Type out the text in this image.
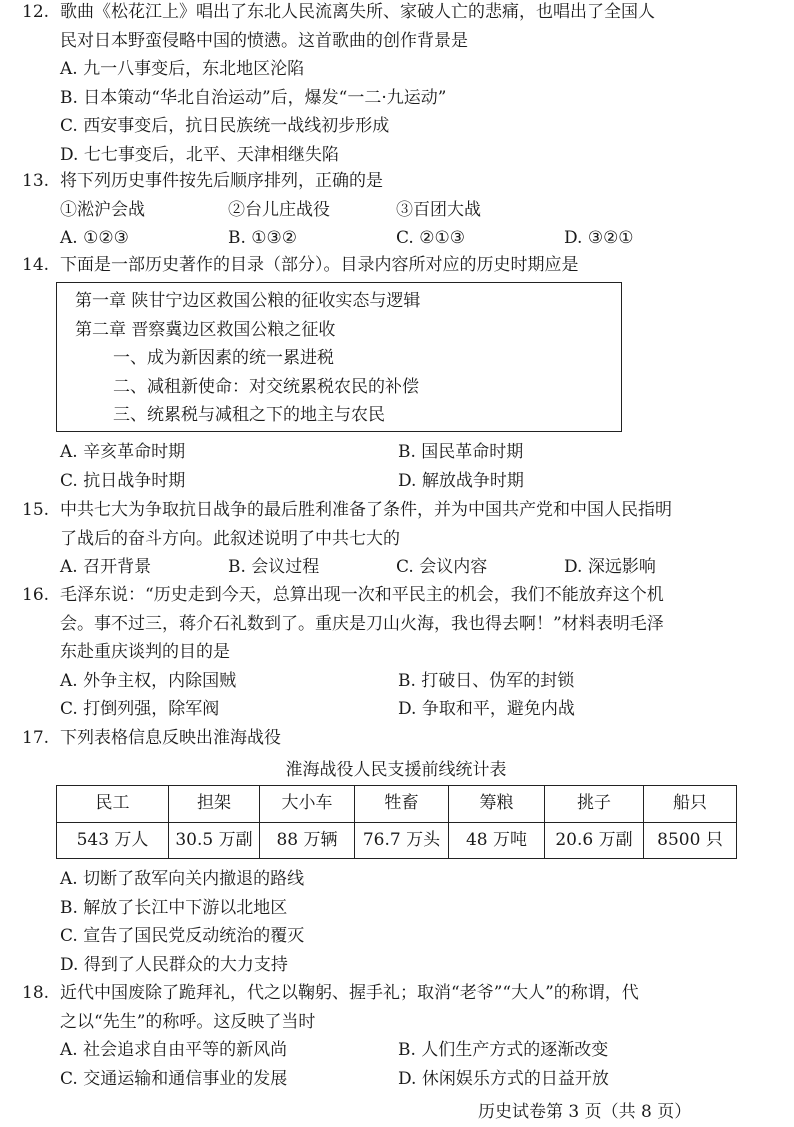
12. 歌曲《松花江上》唱出了东北人民流离失所、家破人亡的悲痛，也唱出了全国人
民对日本野蛮侵略中国的愤懑。这首歌曲的创作背景是
A. 九一八事变后，东北地区沦陷
B. 日本策动“华北自治运动”后，爆发“一二·九运动”
C. 西安事变后，抗日民族统一战线初步形成
D. 七七事变后，北平、天津相继失陷
13. 将下列历史事件按先后顺序排列，正确的是
①淞沪会战	②台儿庄战役	③百团大战
A. ①②③	B. ①③②	C. ②①③	D. ③②①
14. 下面是一部历史著作的目录（部分）。目录内容所对应的历史时期应是
第一章 陕甘宁边区救国公粮的征收实态与逻辑
第二章 晋察冀边区救国公粮之征收
一、成为新因素的统一累进税
二、减租新使命：对交统累税农民的补偿
三、统累税与减租之下的地主与农民
A. 辛亥革命时期	B. 国民革命时期
C. 抗日战争时期	D. 解放战争时期
15. 中共七大为争取抗日战争的最后胜利准备了条件，并为中国共产党和中国人民指明
了战后的奋斗方向。此叙述说明了中共七大的
A. 召开背景	B. 会议过程	C. 会议内容	D. 深远影响
16. 毛泽东说：“历史走到今天，总算出现一次和平民主的机会，我们不能放弃这个机
会。事不过三，蒋介石礼数到了。重庆是刀山火海，我也得去啊！”材料表明毛泽
东赴重庆谈判的目的是
A. 外争主权，内除国贼	B. 打破日、伪军的封锁
C. 打倒列强，除军阀	D. 争取和平，避免内战
17. 下列表格信息反映出淮海战役
淮海战役人民支援前线统计表
民工	担架	大小车	牲畜	筹粮	挑子	船只
543 万人	30.5 万副	88 万辆	76.7 万头	48 万吨	20.6 万副	8500 只
A. 切断了敌军向关内撤退的路线
B. 解放了长江中下游以北地区
C. 宣告了国民党反动统治的覆灭
D. 得到了人民群众的大力支持
18. 近代中国废除了跪拜礼，代之以鞠躬、握手礼；取消“老爷”“大人”的称谓，代
之以“先生”的称呼。这反映了当时
A. 社会追求自由平等的新风尚	B. 人们生产方式的逐渐改变
C. 交通运输和通信事业的发展	D. 休闲娱乐方式的日益开放
历史试卷第 3 页（共 8 页）
